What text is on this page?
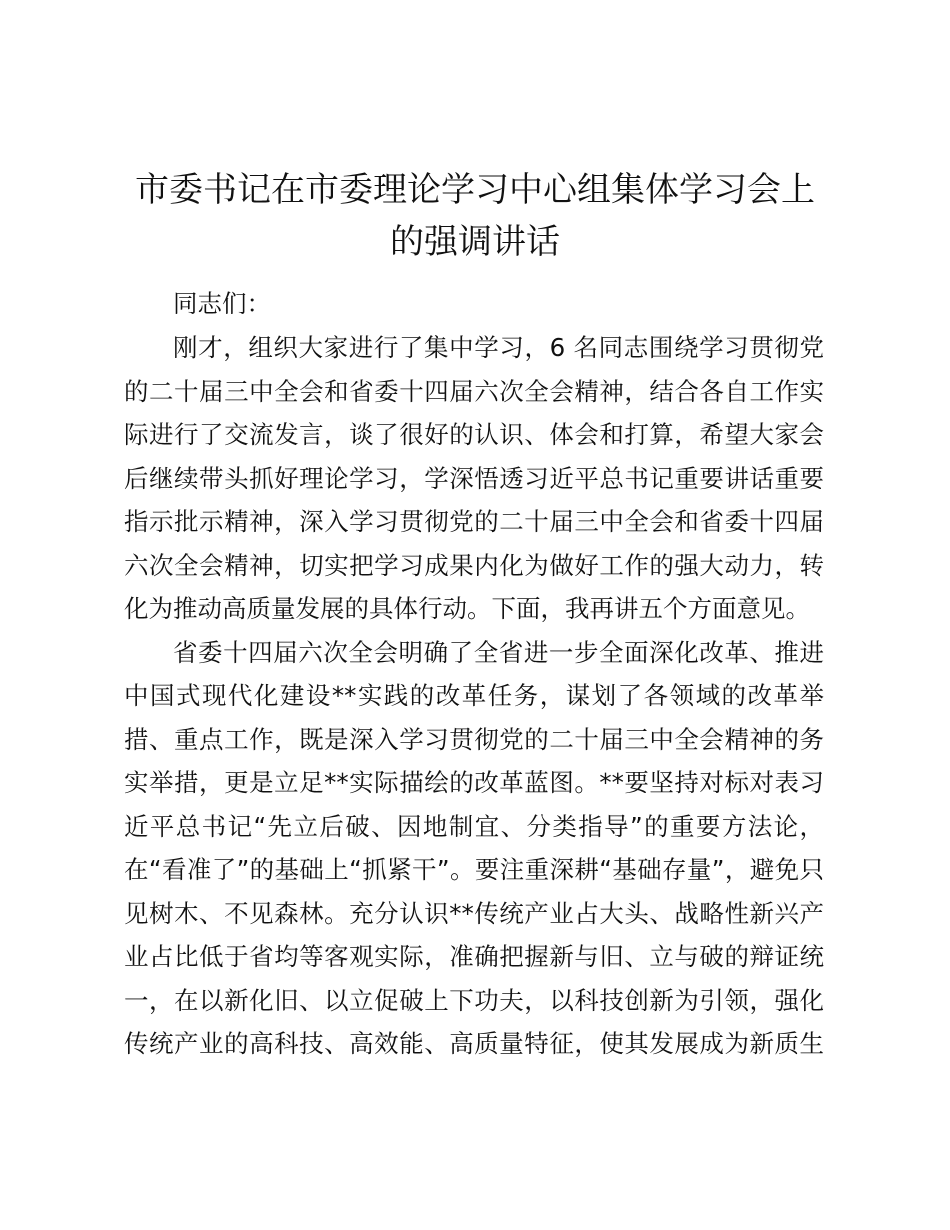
市委书记在市委理论学习中心组集体学习会上
的强调讲话
同志们：
刚才，组织大家进行了集中学习，6 名同志围绕学习贯彻党
的二十届三中全会和省委十四届六次全会精神，结合各自工作实
际进行了交流发言，谈了很好的认识、体会和打算，希望大家会
后继续带头抓好理论学习，学深悟透习近平总书记重要讲话重要
指示批示精神，深入学习贯彻党的二十届三中全会和省委十四届
六次全会精神，切实把学习成果内化为做好工作的强大动力，转
化为推动高质量发展的具体行动。下面，我再讲五个方面意见。
省委十四届六次全会明确了全省进一步全面深化改革、推进
中国式现代化建设**实践的改革任务，谋划了各领域的改革举
措、重点工作，既是深入学习贯彻党的二十届三中全会精神的务
实举措，更是立足**实际描绘的改革蓝图。**要坚持对标对表习
近平总书记“先立后破、因地制宜、分类指导”的重要方法论，
在“看准了”的基础上“抓紧干”。要注重深耕“基础存量”，避免只
见树木、不见森林。充分认识**传统产业占大头、战略性新兴产
业占比低于省均等客观实际，准确把握新与旧、立与破的辩证统
一，在以新化旧、以立促破上下功夫，以科技创新为引领，强化
传统产业的高科技、高效能、高质量特征，使其发展成为新质生
